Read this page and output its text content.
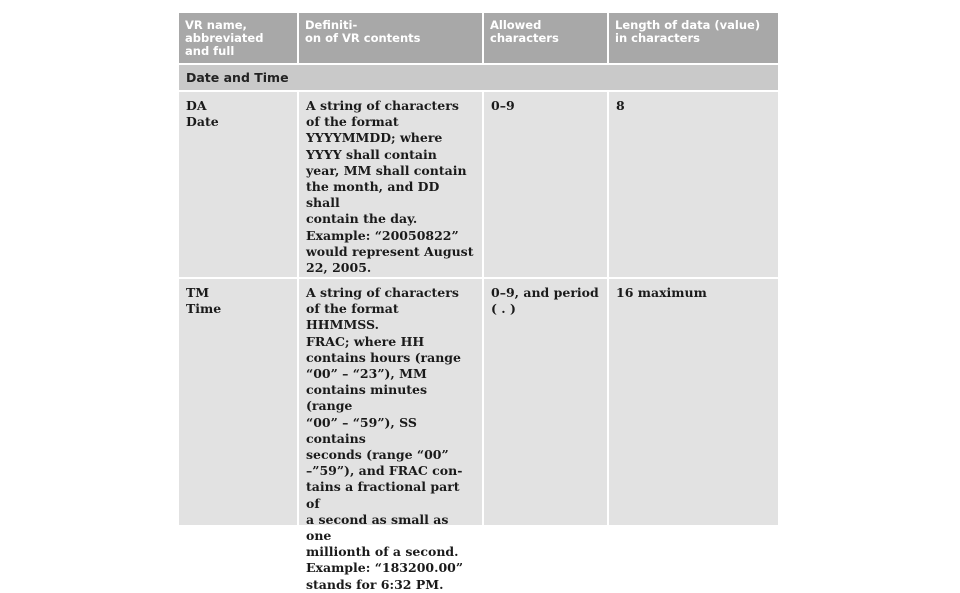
VR name,
abbreviated
and full
Definiti-
on of VR contents
Allowed
characters
Length of data (value)
in characters
Date and Time
DA
Date
A string of characters
of the format
YYYYMMDD; where
YYYY shall contain
year, MM shall contain
the month, and DD shall
contain the day.
Example: “20050822”
would represent August
22, 2005.
0–9	8
TM
Time
A string of characters
of the format HHMMSS.
FRAC; where HH
contains hours (range
“00” – “23”), MM
contains minutes (range
“00” – “59”), SS contains
seconds (range “00”
–”59”), and FRAC con-
tains a fractional part of
a second as small as one
millionth of a second.
Example: “183200.00”
stands for 6:32 PM.
0–9, and period
( . )
16 maximum
